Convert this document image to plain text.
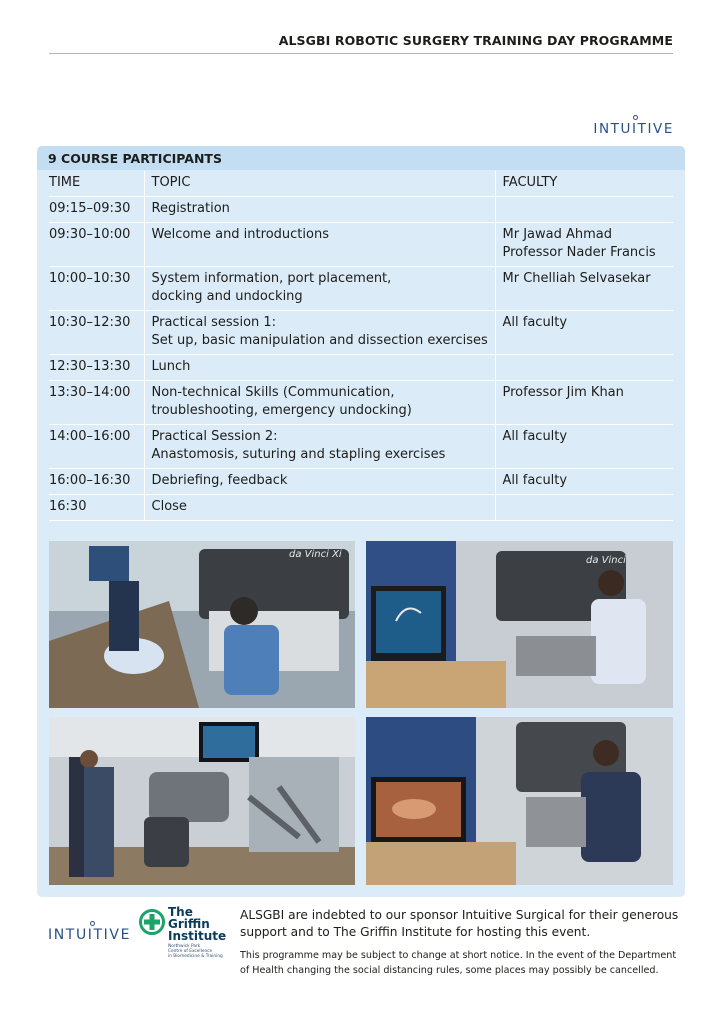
ALSGBI ROBOTIC SURGERY TRAINING DAY PROGRAMME
INTUITIVE
9 COURSE PARTICIPANTS
TIME	TOPIC	FACULTY
09:15–09:30	Registration	

09:30–10:00	Welcome and introductions	Mr Jawad Ahmad
Professor Nader Francis

10:00–10:30	System information, port placement,
docking and undocking	Mr Chelliah Selvasekar

10:30–12:30	Practical session 1:
Set up, basic manipulation and dissection exercises	All faculty

12:30–13:30	Lunch	

13:30–14:00	Non-technical Skills (Communication,
troubleshooting, emergency undocking)	Professor Jim Khan

14:00–16:00	Practical Session 2:
Anastomosis, suturing and stapling exercises	All faculty

16:00–16:30	Debriefing, feedback	All faculty

16:30	Close	

da Vinci Xi
da Vinci
INTUITIVE
The
Griffin
Institute
Northwick Park
Centre of Excellence
in Biomedicine & Training
ALSGBI are indebted to our sponsor Intuitive Surgical for their generous
support and to The Griffin Institute for hosting this event.
This programme may be subject to change at short notice. In the event of the Department
of Health changing the social distancing rules, some places may possibly be cancelled.
